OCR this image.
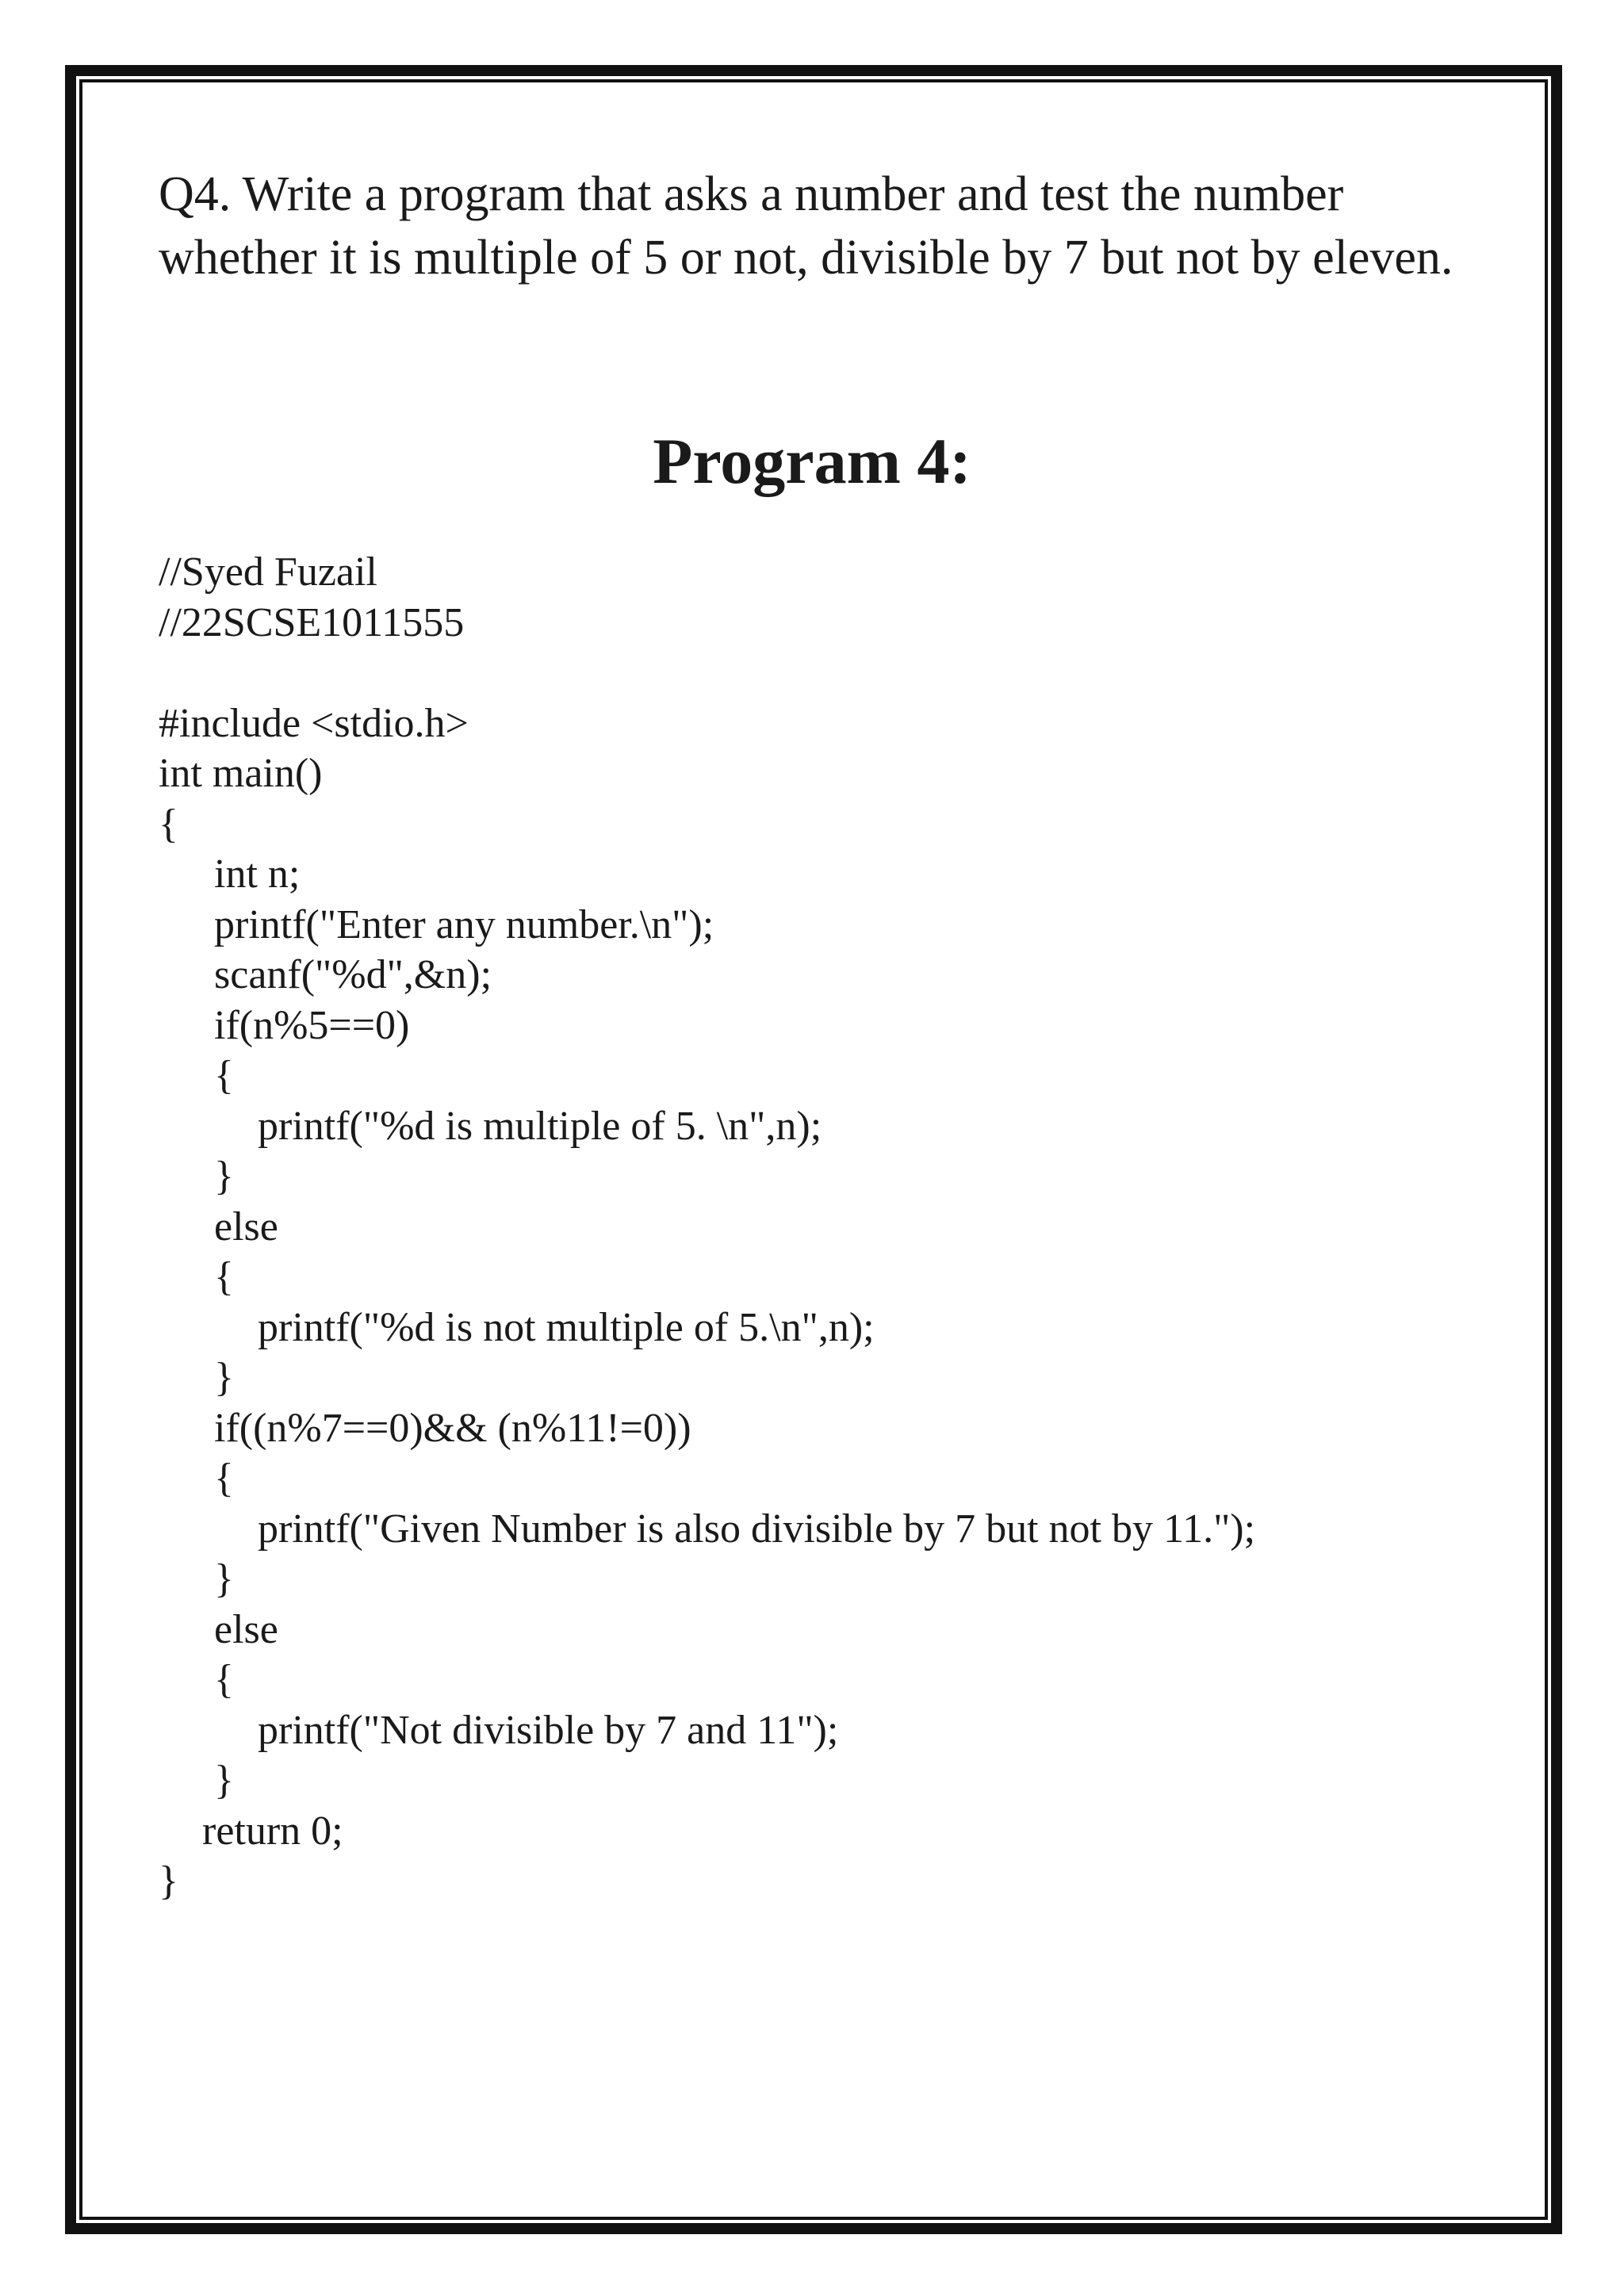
Q4. Write a program that asks a number and test the number whether it is multiple of 5 or not, divisible by 7 but not by eleven.

Program 4:
//Syed Fuzail
//22SCSE1011555
#include <stdio.h>
int main()
{
int n;
printf("Enter any number.\n");
scanf("%d",&n);
if(n%5==0)
{
printf("%d is multiple of 5. \n",n);
}
else
{
printf("%d is not multiple of 5.\n",n);
}
if((n%7==0)&& (n%11!=0))
{
printf("Given Number is also divisible by 7 but not by 11.");
}
else
{
printf("Not divisible by 7 and 11");
}
return 0;
}
